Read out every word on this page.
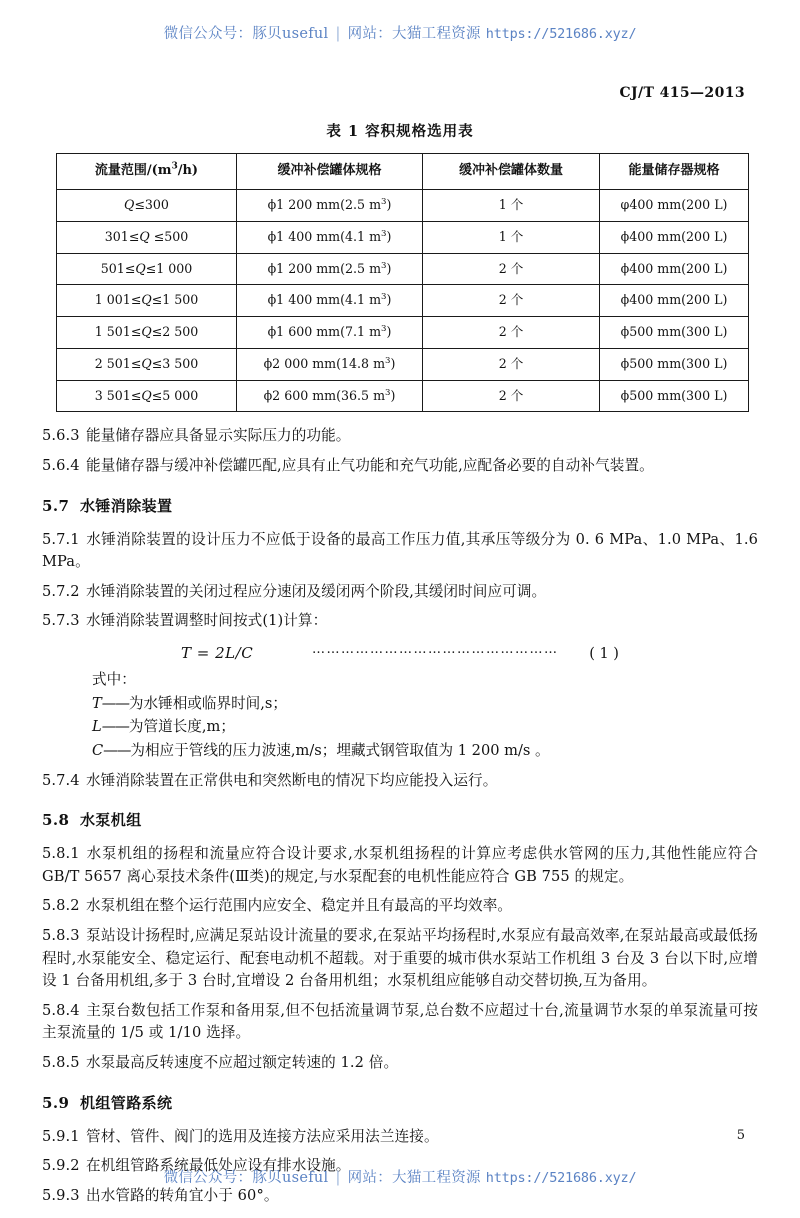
微信公众号：豚贝useful | 网站：大猫工程资源 https://521686.xyz/
CJ/T 415—2013
表 1 容积规格选用表
流量范围$/(m^3/h)$	缓冲补偿罐体规格	缓冲补偿罐体数量	能量储存器规格
Q≤300	ϕ1 200 mm(2.5 $m^3$)	1 个	φ400 mm(200 L)
301≤Q ≤500	ϕ1 400 mm(4.1 $m^3$)	1 个	ϕ400 mm(200 L)
501≤Q≤1 000	ϕ1 200 mm(2.5 $m^3$)	2 个	ϕ400 mm(200 L)
1 001≤Q≤1 500	ϕ1 400 mm(4.1 $m^3$)	2 个	ϕ400 mm(200 L)
1 501≤Q≤2 500	ϕ1 600 mm(7.1 $m^3$)	2 个	ϕ500 mm(300 L)
2 501≤Q≤3 500	ϕ2 000 mm(14.8 $m^3$)	2 个	ϕ500 mm(300 L)
3 501≤Q≤5 000	ϕ2 600 mm(36.5 $m^3$)	2 个	ϕ500 mm(300 L)

5.6.3 能量储存器应具备显示实际压力的功能。

5.6.4 能量储存器与缓冲补偿罐匹配,应具有止气功能和充气功能,应配备必要的自动补气装置。

5.7 水锤消除装置

5.7.1 水锤消除装置的设计压力不应低于设备的最高工作压力值,其承压等级分为 0. 6 MPa、1.0 MPa、1.6 MPa。

5.7.2 水锤消除装置的关闭过程应分速闭及缓闭两个阶段,其缓闭时间应可调。

5.7.3 水锤消除装置调整时间按式(1)计算：

T = 2L/C	…………………………………………… ( 1 )
式中：
T —— 为水锤相或临界时间,s；
L —— 为管道长度,m；
C —— 为相应于管线的压力波速,m/s；埋藏式钢管取值为 1 200 m/s 。

5.7.4 水锤消除装置在正常供电和突然断电的情况下均应能投入运行。

5.8 水泵机组

5.8.1 水泵机组的扬程和流量应符合设计要求,水泵机组扬程的计算应考虑供水管网的压力,其他性能应符合 GB/T 5657 离心泵技术条件(Ⅲ类)的规定,与水泵配套的电机性能应符合 GB 755 的规定。

5.8.2 水泵机组在整个运行范围内应安全、稳定并且有最高的平均效率。

5.8.3 泵站设计扬程时,应满足泵站设计流量的要求,在泵站平均扬程时,水泵应有最高效率,在泵站最高或最低扬程时,水泵能安全、稳定运行、配套电动机不超载。对于重要的城市供水泵站工作机组 3 台及 3 台以下时,应增设 1 台备用机组,多于 3 台时,宜增设 2 台备用机组；水泵机组应能够自动交替切换,互为备用。

5.8.4 主泵台数包括工作泵和备用泵,但不包括流量调节泵,总台数不应超过十台,流量调节水泵的单泵流量可按主泵流量的 1/5 或 1/10 选择。

5.8.5 水泵最高反转速度不应超过额定转速的 1.2 倍。

5.9 机组管路系统

5.9.1 管材、管件、阀门的选用及连接方法应采用法兰连接。

5.9.2 在机组管路系统最低处应设有排水设施。

5.9.3 出水管路的转角宜小于 60°。

5
微信公众号：豚贝useful | 网站：大猫工程资源 https://521686.xyz/
